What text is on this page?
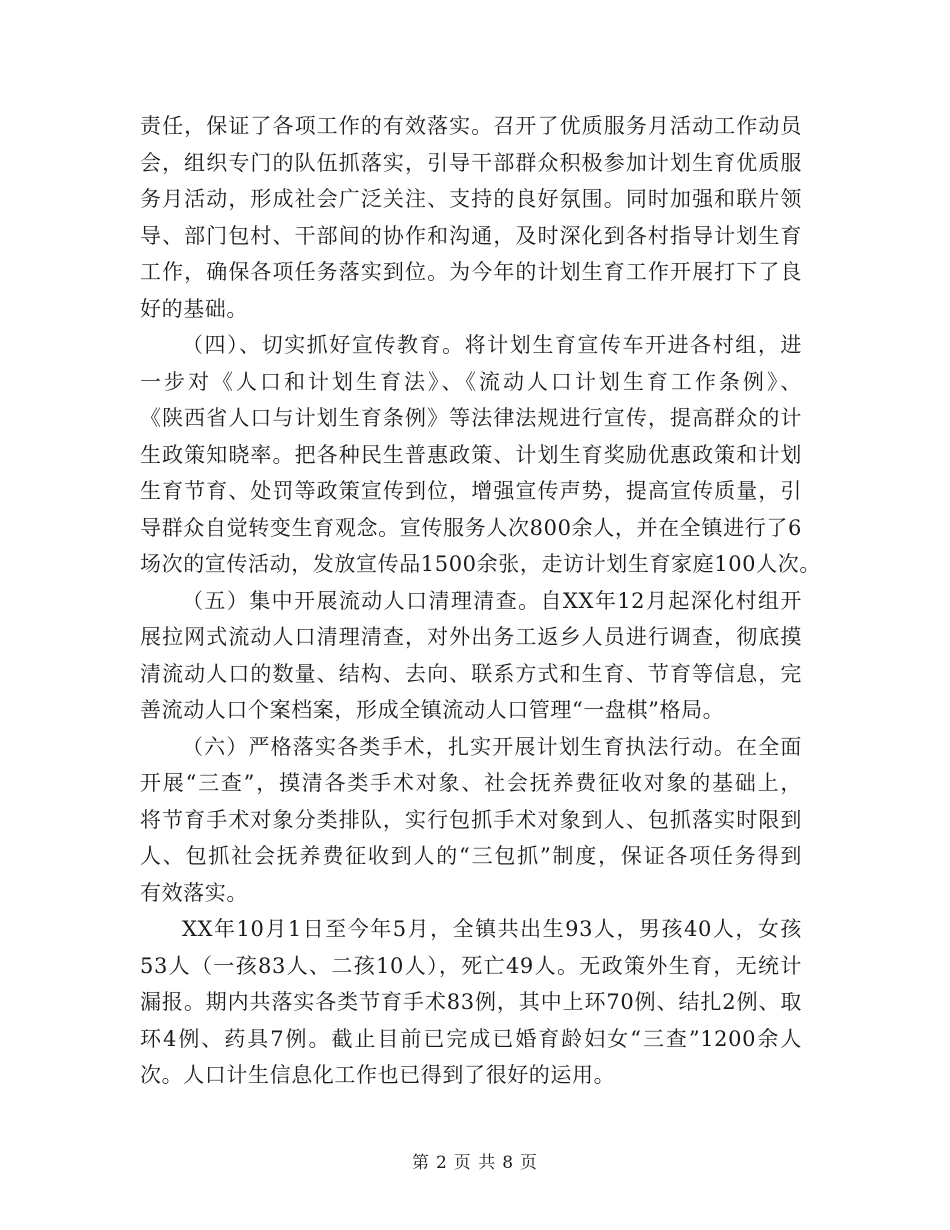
责任，保证了各项工作的有效落实。召开了优质服务月活动工作动员
会，组织专门的队伍抓落实，引导干部群众积极参加计划生育优质服
务月活动，形成社会广泛关注、支持的良好氛围。同时加强和联片领
导、部门包村、干部间的协作和沟通，及时深化到各村指导计划生育
工作，确保各项任务落实到位。为今年的计划生育工作开展打下了良
好的基础。
（四）、切实抓好宣传教育。将计划生育宣传车开进各村组，进
一步对《人口和计划生育法》、《流动人口计划生育工作条例》、
《陕西省人口与计划生育条例》等法律法规进行宣传，提高群众的计
生政策知晓率。把各种民生普惠政策、计划生育奖励优惠政策和计划
生育节育、处罚等政策宣传到位，增强宣传声势，提高宣传质量，引
导群众自觉转变生育观念。宣传服务人次800余人，并在全镇进行了6
场次的宣传活动，发放宣传品1500余张，走访计划生育家庭100人次。
（五）集中开展流动人口清理清查。自XX年12月起深化村组开
展拉网式流动人口清理清查，对外出务工返乡人员进行调查，彻底摸
清流动人口的数量、结构、去向、联系方式和生育、节育等信息，完
善流动人口个案档案，形成全镇流动人口管理“一盘棋”格局。
（六）严格落实各类手术，扎实开展计划生育执法行动。在全面
开展“三查”，摸清各类手术对象、社会抚养费征收对象的基础上，
将节育手术对象分类排队，实行包抓手术对象到人、包抓落实时限到
人、包抓社会抚养费征收到人的“三包抓”制度，保证各项任务得到
有效落实。
XX年10月1日至今年5月，全镇共出生93人，男孩40人，女孩
53人（一孩83人、二孩10人），死亡49人。无政策外生育，无统计
漏报。期内共落实各类节育手术83例，其中上环70例、结扎2例、取
环4例、药具7例。截止目前已完成已婚育龄妇女“三查”1200余人
次。人口计生信息化工作也已得到了很好的运用。
第 2 页 共 8 页
